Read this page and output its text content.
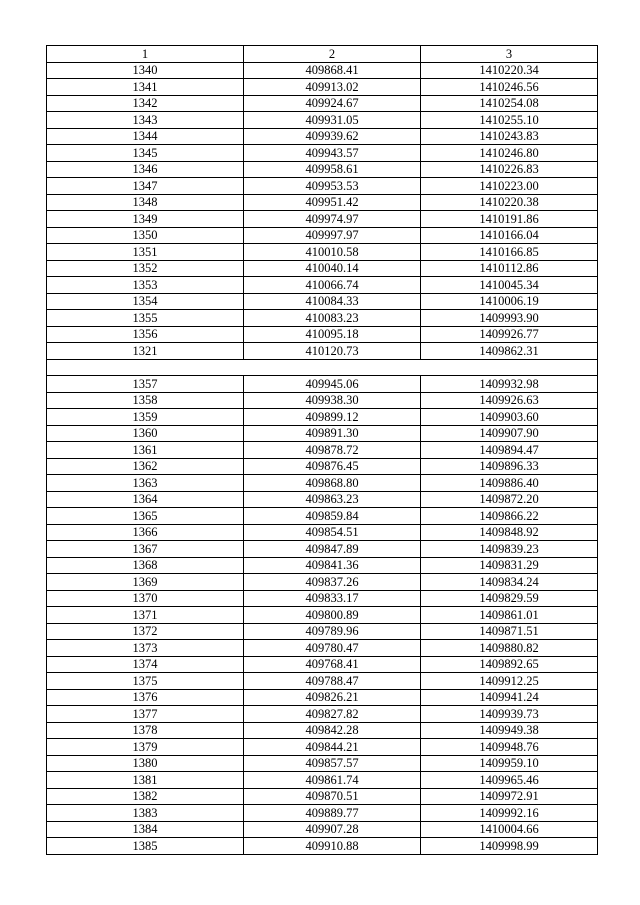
1	2	3
1340	409868.41	1410220.34
1341	409913.02	1410246.56
1342	409924.67	1410254.08
1343	409931.05	1410255.10
1344	409939.62	1410243.83
1345	409943.57	1410246.80
1346	409958.61	1410226.83
1347	409953.53	1410223.00
1348	409951.42	1410220.38
1349	409974.97	1410191.86
1350	409997.97	1410166.04
1351	410010.58	1410166.85
1352	410040.14	1410112.86
1353	410066.74	1410045.34
1354	410084.33	1410006.19
1355	410083.23	1409993.90
1356	410095.18	1409926.77
1321	410120.73	1409862.31

1357	409945.06	1409932.98
1358	409938.30	1409926.63
1359	409899.12	1409903.60
1360	409891.30	1409907.90
1361	409878.72	1409894.47
1362	409876.45	1409896.33
1363	409868.80	1409886.40
1364	409863.23	1409872.20
1365	409859.84	1409866.22
1366	409854.51	1409848.92
1367	409847.89	1409839.23
1368	409841.36	1409831.29
1369	409837.26	1409834.24
1370	409833.17	1409829.59
1371	409800.89	1409861.01
1372	409789.96	1409871.51
1373	409780.47	1409880.82
1374	409768.41	1409892.65
1375	409788.47	1409912.25
1376	409826.21	1409941.24
1377	409827.82	1409939.73
1378	409842.28	1409949.38
1379	409844.21	1409948.76
1380	409857.57	1409959.10
1381	409861.74	1409965.46
1382	409870.51	1409972.91
1383	409889.77	1409992.16
1384	409907.28	1410004.66
1385	409910.88	1409998.99
